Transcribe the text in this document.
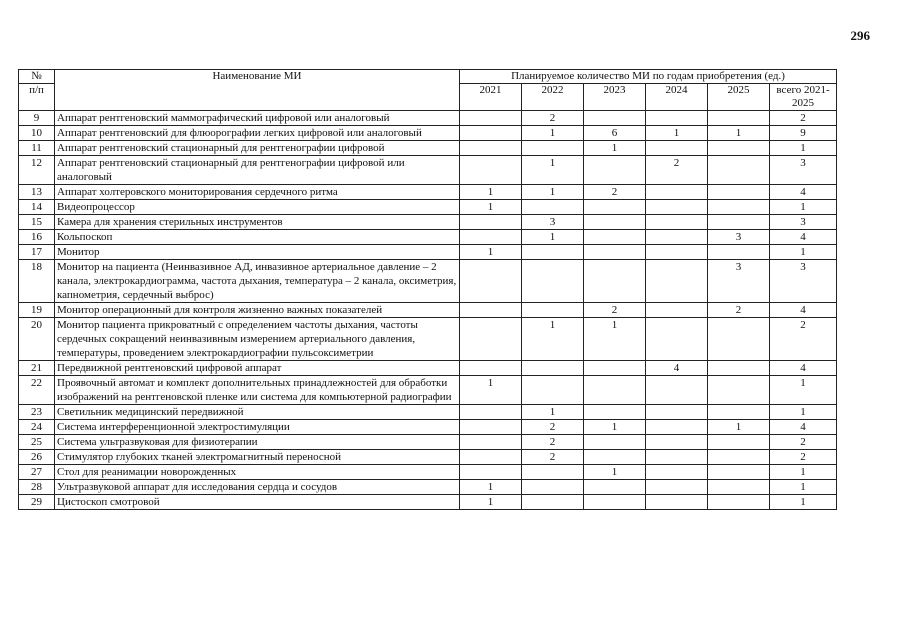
296
№	Наименование МИ	Планируемое количество МИ по годам приобретения (ед.)					
п/п		2021	2022	2023	2024	2025	всего 2021-2025
9	Аппарат рентгеновский маммографический цифровой или аналоговый		2				2
10	Аппарат рентгеновский для флюорографии легких цифровой или аналоговый		1	6	1	1	9
11	Аппарат рентгеновский стационарный для рентгенографии цифровой			1			1
12	Аппарат рентгеновский стационарный для рентгенографии цифровой или аналоговый		1		2		3
13	Аппарат холтеровского мониторирования сердечного ритма	1	1	2			4
14	Видеопроцессор	1					1
15	Камера для хранения стерильных инструментов		3				3
16	Кольпоскоп		1			3	4
17	Монитор	1					1
18	Монитор на пациента (Неинвазивное АД, инвазивное артериальное давление – 2 канала, электрокардиограмма, частота дыхания, температура – 2 канала, оксиметрия, капнометрия, сердечный выброс)					3	3
19	Монитор операционный для контроля жизненно важных показателей			2		2	4
20	Монитор пациента прикроватный с определением частоты дыхания, частоты сердечных сокращений неинвазивным измерением артериального давления, температуры, проведением электрокардиографии пульсоксиметрии		1	1			2
21	Передвижной рентгеновский цифровой аппарат				4		4
22	Проявочный автомат и комплект дополнительных принадлежностей для обработки изображений на рентгеновской пленке или система для компьютерной радиографии	1					1
23	Светильник медицинский передвижной		1				1
24	Система интерференционной электростимуляции		2	1		1	4
25	Система ультразвуковая для физиотерапии		2				2
26	Стимулятор глубоких тканей электромагнитный переносной		2				2
27	Стол для реанимации новорожденных			1			1
28	Ультразвуковой аппарат для исследования сердца и сосудов	1					1
29	Цистоскоп смотровой	1					1
